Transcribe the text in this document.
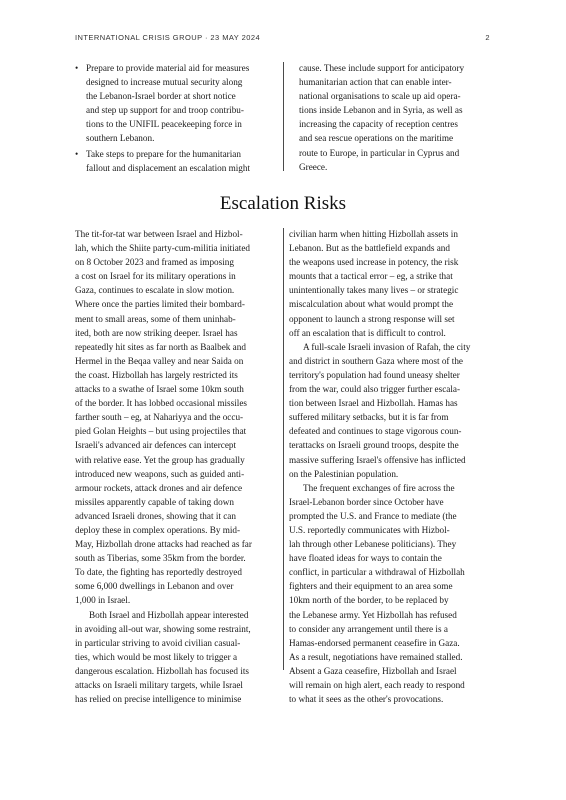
INTERNATIONAL CRISIS GROUP · 23 MAY 2024	2
• Prepare to provide material aid for measures
designed to increase mutual security along
the Lebanon-Israel border at short notice
and step up support for and troop contribu-
tions to the UNIFIL peacekeeping force in
southern Lebanon.
• Take steps to prepare for the humanitarian
fallout and displacement an escalation might

cause. These include support for anticipatory
humanitarian action that can enable inter-
national organisations to scale up aid opera-
tions inside Lebanon and in Syria, as well as
increasing the capacity of reception centres
and sea rescue operations on the maritime
route to Europe, in particular in Cyprus and
Greece.

Escalation Risks

The tit-for-tat war between Israel and Hizbol-
lah, which the Shiite party-cum-militia initiated
on 8 October 2023 and framed as imposing
a cost on Israel for its military operations in
Gaza, continues to escalate in slow motion.
Where once the parties limited their bombard-
ment to small areas, some of them uninhab-
ited, both are now striking deeper. Israel has
repeatedly hit sites as far north as Baalbek and
Hermel in the Beqaa valley and near Saida on
the coast. Hizbollah has largely restricted its
attacks to a swathe of Israel some 10km south
of the border. It has lobbed occasional missiles
farther south – eg, at Nahariyya and the occu-
pied Golan Heights – but using projectiles that
Israeli's advanced air defences can intercept
with relative ease. Yet the group has gradually
introduced new weapons, such as guided anti-
armour rockets, attack drones and air defence
missiles apparently capable of taking down
advanced Israeli drones, showing that it can
deploy these in complex operations. By mid-
May, Hizbollah drone attacks had reached as far
south as Tiberias, some 35km from the border.
To date, the fighting has reportedly destroyed
some 6,000 dwellings in Lebanon and over
1,000 in Israel.

Both Israel and Hizbollah appear interested
in avoiding all-out war, showing some restraint,
in particular striving to avoid civilian casual-
ties, which would be most likely to trigger a
dangerous escalation. Hizbollah has focused its
attacks on Israeli military targets, while Israel
has relied on precise intelligence to minimise

civilian harm when hitting Hizbollah assets in
Lebanon. But as the battlefield expands and
the weapons used increase in potency, the risk
mounts that a tactical error – eg, a strike that
unintentionally takes many lives – or strategic
miscalculation about what would prompt the
opponent to launch a strong response will set
off an escalation that is difficult to control.

A full-scale Israeli invasion of Rafah, the city
and district in southern Gaza where most of the
territory's population had found uneasy shelter
from the war, could also trigger further escala-
tion between Israel and Hizbollah. Hamas has
suffered military setbacks, but it is far from
defeated and continues to stage vigorous coun-
terattacks on Israeli ground troops, despite the
massive suffering Israel's offensive has inflicted
on the Palestinian population.

The frequent exchanges of fire across the
Israel-Lebanon border since October have
prompted the U.S. and France to mediate (the
U.S. reportedly communicates with Hizbol-
lah through other Lebanese politicians). They
have floated ideas for ways to contain the
conflict, in particular a withdrawal of Hizbollah
fighters and their equipment to an area some
10km north of the border, to be replaced by
the Lebanese army. Yet Hizbollah has refused
to consider any arrangement until there is a
Hamas-endorsed permanent ceasefire in Gaza.
As a result, negotiations have remained stalled.
Absent a Gaza ceasefire, Hizbollah and Israel
will remain on high alert, each ready to respond
to what it sees as the other's provocations.
